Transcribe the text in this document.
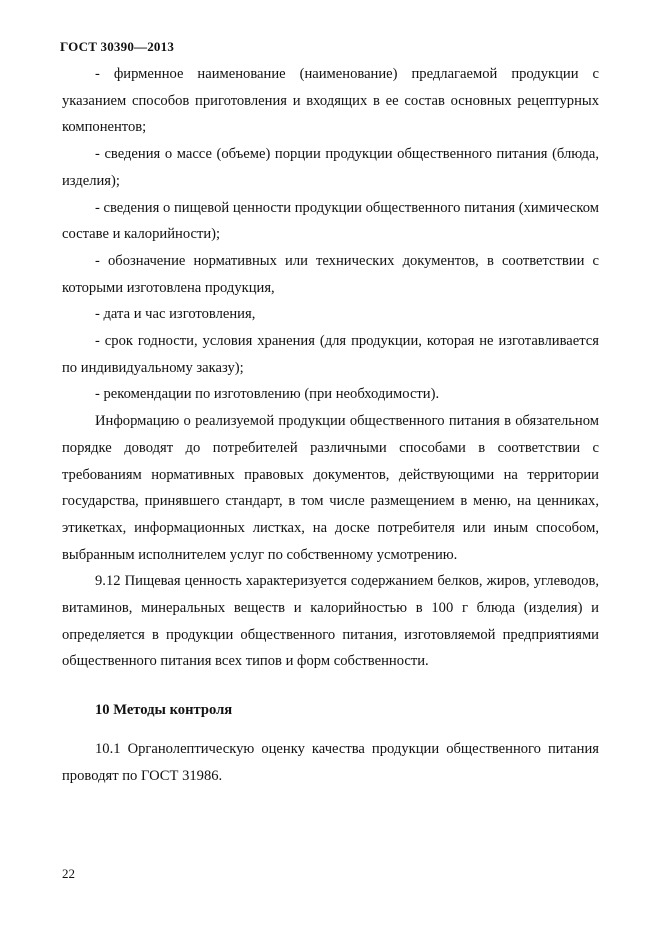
ГОСТ 30390—2013

- фирменное наименование (наименование) предлагаемой продукции с указанием способов приготовления и входящих в ее состав основных рецептурных компонентов;

- сведения о массе (объеме) порции продукции общественного питания (блюда, изделия);

- сведения о пищевой ценности продукции общественного питания (химическом составе и калорийности);

- обозначение нормативных или технических документов, в соответствии с которыми изготовлена продукция,

- дата и час изготовления,

- срок годности, условия хранения (для продукции, которая не изготавливается по индивидуальному заказу);

- рекомендации по изготовлению (при необходимости).

Информацию о реализуемой продукции общественного питания в обязательном порядке доводят до потребителей различными способами в соответствии с требованиям нормативных правовых документов, действующими на территории государства, принявшего стандарт, в том числе размещением в меню, на ценниках, этикетках, информационных листках, на доске потребителя или иным способом, выбранным исполнителем услуг по собственному усмотрению.

9.12 Пищевая ценность характеризуется содержанием белков, жиров, углеводов, витаминов, минеральных веществ и калорийностью в 100 г блюда (изделия) и определяется в продукции общественного питания, изготовляемой предприятиями общественного питания всех типов и форм собственности.

10 Методы контроля

10.1 Органолептическую оценку качества продукции общественного питания проводят по ГОСТ 31986.

22
